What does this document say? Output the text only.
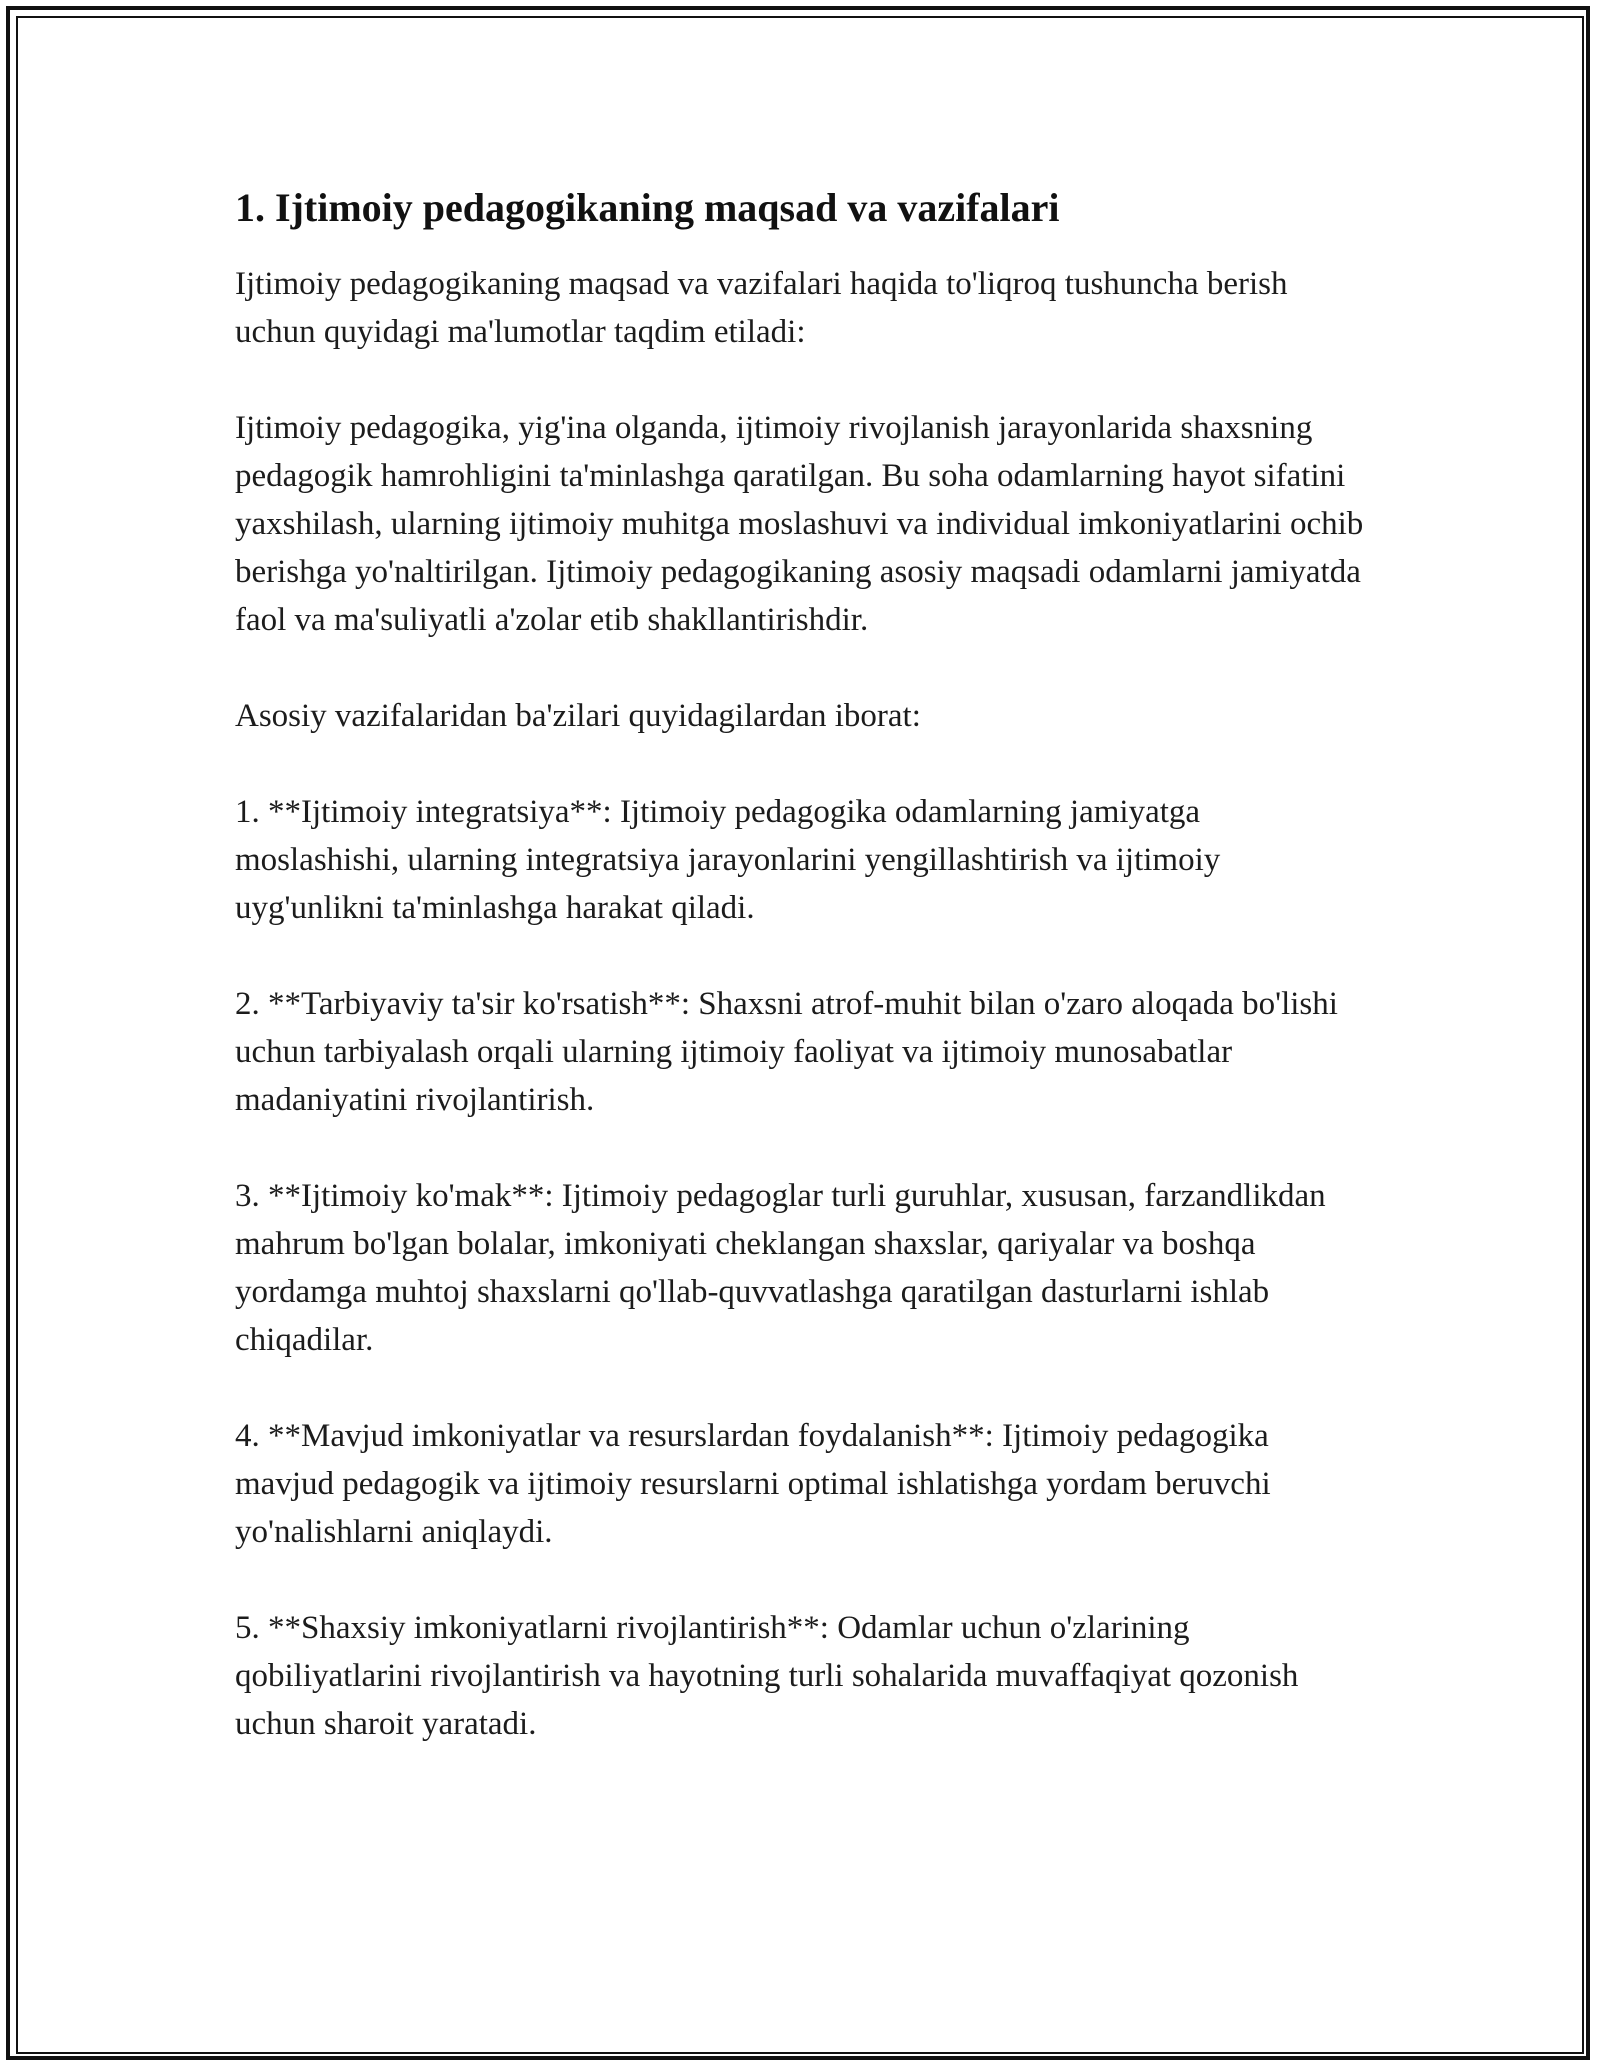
1. Ijtimoiy pedagogikaning maqsad va vazifalari

Ijtimoiy pedagogikaning maqsad va vazifalari haqida to'liqroq tushuncha berish uchun quyidagi ma'lumotlar taqdim etiladi:

Ijtimoiy pedagogika, yig'ina olganda, ijtimoiy rivojlanish jarayonlarida shaxsning pedagogik hamrohligini ta'minlashga qaratilgan. Bu soha odamlarning hayot sifatini yaxshilash, ularning ijtimoiy muhitga moslashuvi va individual imkoniyatlarini ochib berishga yo'naltirilgan. Ijtimoiy pedagogikaning asosiy maqsadi odamlarni jamiyatda faol va ma'suliyatli a'zolar etib shakllantirishdir.

Asosiy vazifalaridan ba'zilari quyidagilardan iborat:

1. **Ijtimoiy integratsiya**: Ijtimoiy pedagogika odamlarning jamiyatga moslashishi, ularning integratsiya jarayonlarini yengillashtirish va ijtimoiy uyg'unlikni ta'minlashga harakat qiladi.

2. **Tarbiyaviy ta'sir ko'rsatish**: Shaxsni atrof-muhit bilan o'zaro aloqada bo'lishi uchun tarbiyalash orqali ularning ijtimoiy faoliyat va ijtimoiy munosabatlar madaniyatini rivojlantirish.

3. **Ijtimoiy ko'mak**: Ijtimoiy pedagoglar turli guruhlar, xususan, farzandlikdan mahrum bo'lgan bolalar, imkoniyati cheklangan shaxslar, qariyalar va boshqa yordamga muhtoj shaxslarni qo'llab-quvvatlashga qaratilgan dasturlarni ishlab chiqadilar.

4. **Mavjud imkoniyatlar va resurslardan foydalanish**: Ijtimoiy pedagogika mavjud pedagogik va ijtimoiy resurslarni optimal ishlatishga yordam beruvchi yo'nalishlarni aniqlaydi.

5. **Shaxsiy imkoniyatlarni rivojlantirish**: Odamlar uchun o'zlarining qobiliyatlarini rivojlantirish va hayotning turli sohalarida muvaffaqiyat qozonish uchun sharoit yaratadi.
